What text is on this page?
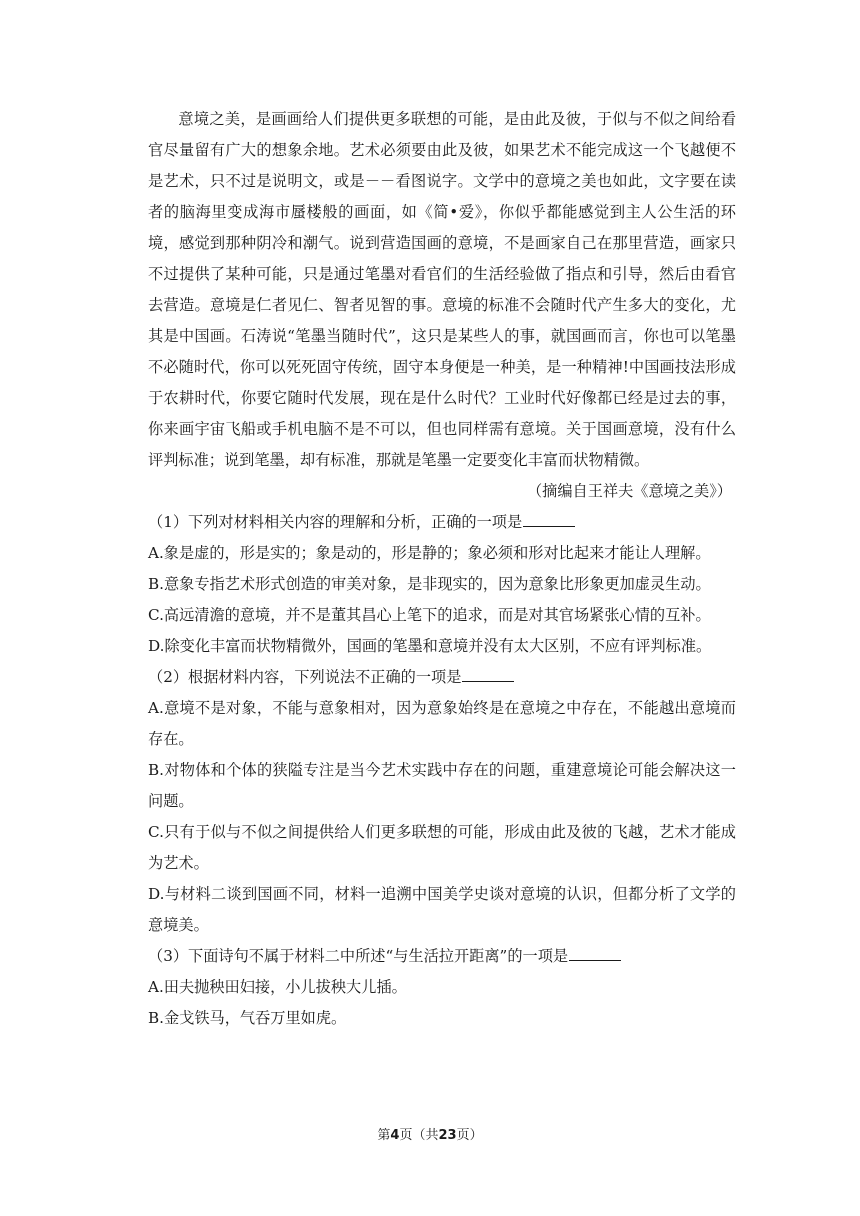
意境之美，是画画给人们提供更多联想的可能，是由此及彼，于似与不似之间给看官尽量留有广大的想象余地。艺术必须要由此及彼，如果艺术不能完成这一个飞越便不是艺术，只不过是说明文，或是－－看图说字。文学中的意境之美也如此，文字要在读者的脑海里变成海市蜃楼般的画面，如《简•爱》，你似乎都能感觉到主人公生活的环境，感觉到那种阴冷和潮气。说到营造国画的意境，不是画家自己在那里营造，画家只不过提供了某种可能，只是通过笔墨对看官们的生活经验做了指点和引导，然后由看官去营造。意境是仁者见仁、智者见智的事。意境的标准不会随时代产生多大的变化，尤其是中国画。石涛说“笔墨当随时代”，这只是某些人的事，就国画而言，你也可以笔墨不必随时代，你可以死死固守传统，固守本身便是一种美，是一种精神!中国画技法形成于农耕时代，你要它随时代发展，现在是什么时代？工业时代好像都已经是过去的事，你来画宇宙飞船或手机电脑不是不可以，但也同样需有意境。关于国画意境，没有什么评判标准；说到笔墨，却有标准，那就是笔墨一定要变化丰富而状物精微。

（摘编自王祥夫《意境之美》）

（1）下列对材料相关内容的理解和分析，正确的一项是

A.象是虚的，形是实的；象是动的，形是静的；象必须和形对比起来才能让人理解。

B.意象专指艺术形式创造的审美对象，是非现实的，因为意象比形象更加虚灵生动。

C.高远清澹的意境，并不是董其昌心上笔下的追求，而是对其官场紧张心情的互补。

D.除变化丰富而状物精微外，国画的笔墨和意境并没有太大区别，不应有评判标准。

（2）根据材料内容，下列说法不正确的一项是

A.意境不是对象，不能与意象相对，因为意象始终是在意境之中存在，不能越出意境而存在。

B.对物体和个体的狭隘专注是当今艺术实践中存在的问题，重建意境论可能会解决这一问题。

C.只有于似与不似之间提供给人们更多联想的可能，形成由此及彼的飞越，艺术才能成为艺术。

D.与材料二谈到国画不同，材料一追溯中国美学史谈对意境的认识，但都分析了文学的意境美。

（3）下面诗句不属于材料二中所述“与生活拉开距离”的一项是

A.田夫抛秧田妇接，小儿拔秧大儿插。

B.金戈铁马，气吞万里如虎。

第4页（共23页）
